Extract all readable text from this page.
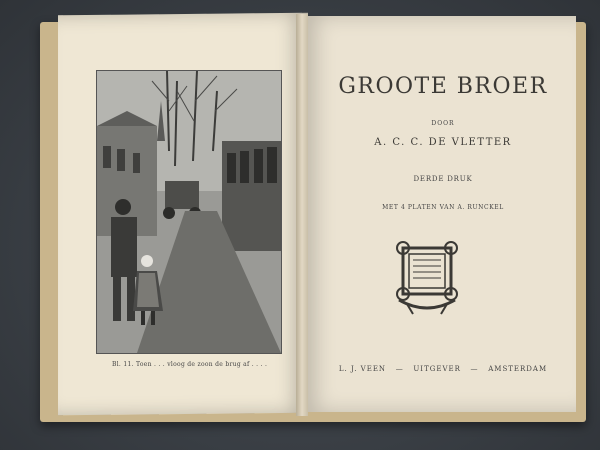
Bl. 11. Toen . . . vloog de zoon de brug af . . . .
GROOTE BROER
DOOR
A. C. C. DE VLETTER
DERDE DRUK
MET 4 PLATEN VAN A. RUNCKEL
L. J. VEEN   —   UITGEVER   —   AMSTERDAM
